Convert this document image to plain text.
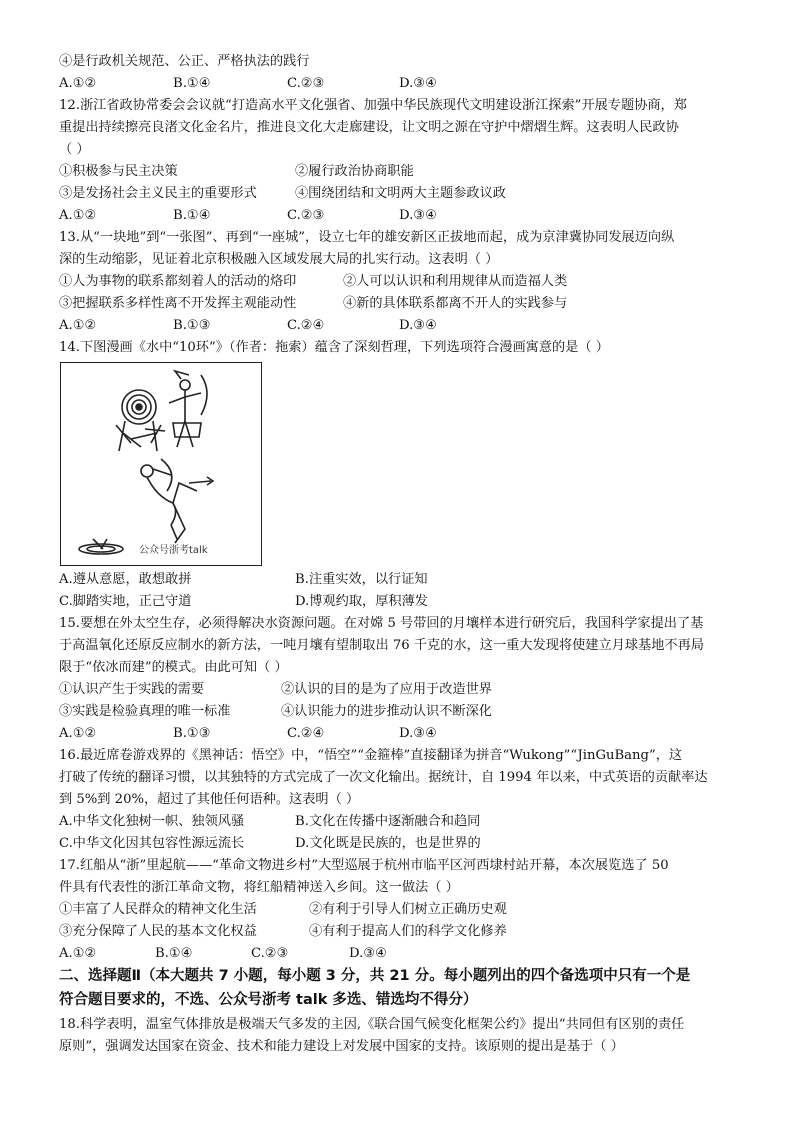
④是行政机关规范、公正、严格执法的践行
A.①②	B.①④	C.②③	D.③④
12.浙江省政协常委会会议就“打造高水平文化强省、加强中华民族现代文明建设浙江探索”开展专题协商，郑
重提出持续擦亮良渚文化金名片，推进良文化大走廊建设，让文明之源在守护中熠熠生辉。这表明人民政协
（ ）
①积极参与民主决策	②履行政治协商职能
③是发扬社会主义民主的重要形式	④围绕团结和文明两大主题参政议政
A.①②	B.①④	C.②③	D.③④
13.从“一块地”到“一张图”、再到“一座城”，设立七年的雄安新区正拔地而起，成为京津冀协同发展迈向纵
深的生动缩影，见证着北京积极融入区域发展大局的扎实行动。这表明（ ）
①人为事物的联系都刻着人的活动的烙印	②人可以认识和利用规律从而造福人类
③把握联系多样性离不开发挥主观能动性	④新的具体联系都离不开人的实践参与
A.①②	B.①③	C.②④	D.③④
14.下图漫画《水中“10环”》（作者：拖索）蕴含了深刻哲理，下列选项符合漫画寓意的是（ ）
公众号浙考talk
A.遵从意愿，敢想敢拼	B.注重实效，以行证知
C.脚踏实地，正己守道	D.博观约取，厚积薄发
15.要想在外太空生存，必须得解决水资源问题。在对嫦 5 号带回的月壤样本进行研究后，我国科学家提出了基
于高温氧化还原反应制水的新方法，一吨月壤有望制取出 76 千克的水，这一重大发现将使建立月球基地不再局
限于“依冰而建”的模式。由此可知（ ）
①认识产生于实践的需要	②认识的目的是为了应用于改造世界
③实践是检验真理的唯一标准	④认识能力的进步推动认识不断深化
A.①②	B.①③	C.②④	D.③④
16.最近席卷游戏界的《黑神话：悟空》中，“悟空”“金箍棒”直接翻译为拼音“Wukong”“JinGuBang”，这
打破了传统的翻译习惯，以其独特的方式完成了一次文化输出。据统计，自 1994 年以来，中式英语的贡献率达
到 5%到 20%，超过了其他任何语种。这表明（ ）
A.中华文化独树一帜、独领风骚	B.文化在传播中逐渐融合和趋同
C.中华文化因其包容性源远流长	D.文化既是民族的，也是世界的
17.红船从“浙”里起航——“革命文物进乡村”大型巡展于杭州市临平区河西埭村站开幕，本次展览选了 50
件具有代表性的浙江革命文物，将红船精神送入乡间。这一做法（ ）
①丰富了人民群众的精神文化生活	②有利于引导人们树立正确历史观
③充分保障了人民的基本文化权益	④有利于提高人们的科学文化修养
A.①②	B.①④	C.②③	D.③④
二、选择题Ⅱ（本大题共 7 小题，每小题 3 分，共 21 分。每小题列出的四个备选项中只有一个是
符合题目要求的，不选、公众号浙考 talk 多选、错选均不得分）
18.科学表明，温室气体排放是极端天气多发的主因,《联合国气候变化框架公约》提出“共同但有区别的责任
原则”，强调发达国家在资金、技术和能力建设上对发展中国家的支持。该原则的提出是基于（ ）
